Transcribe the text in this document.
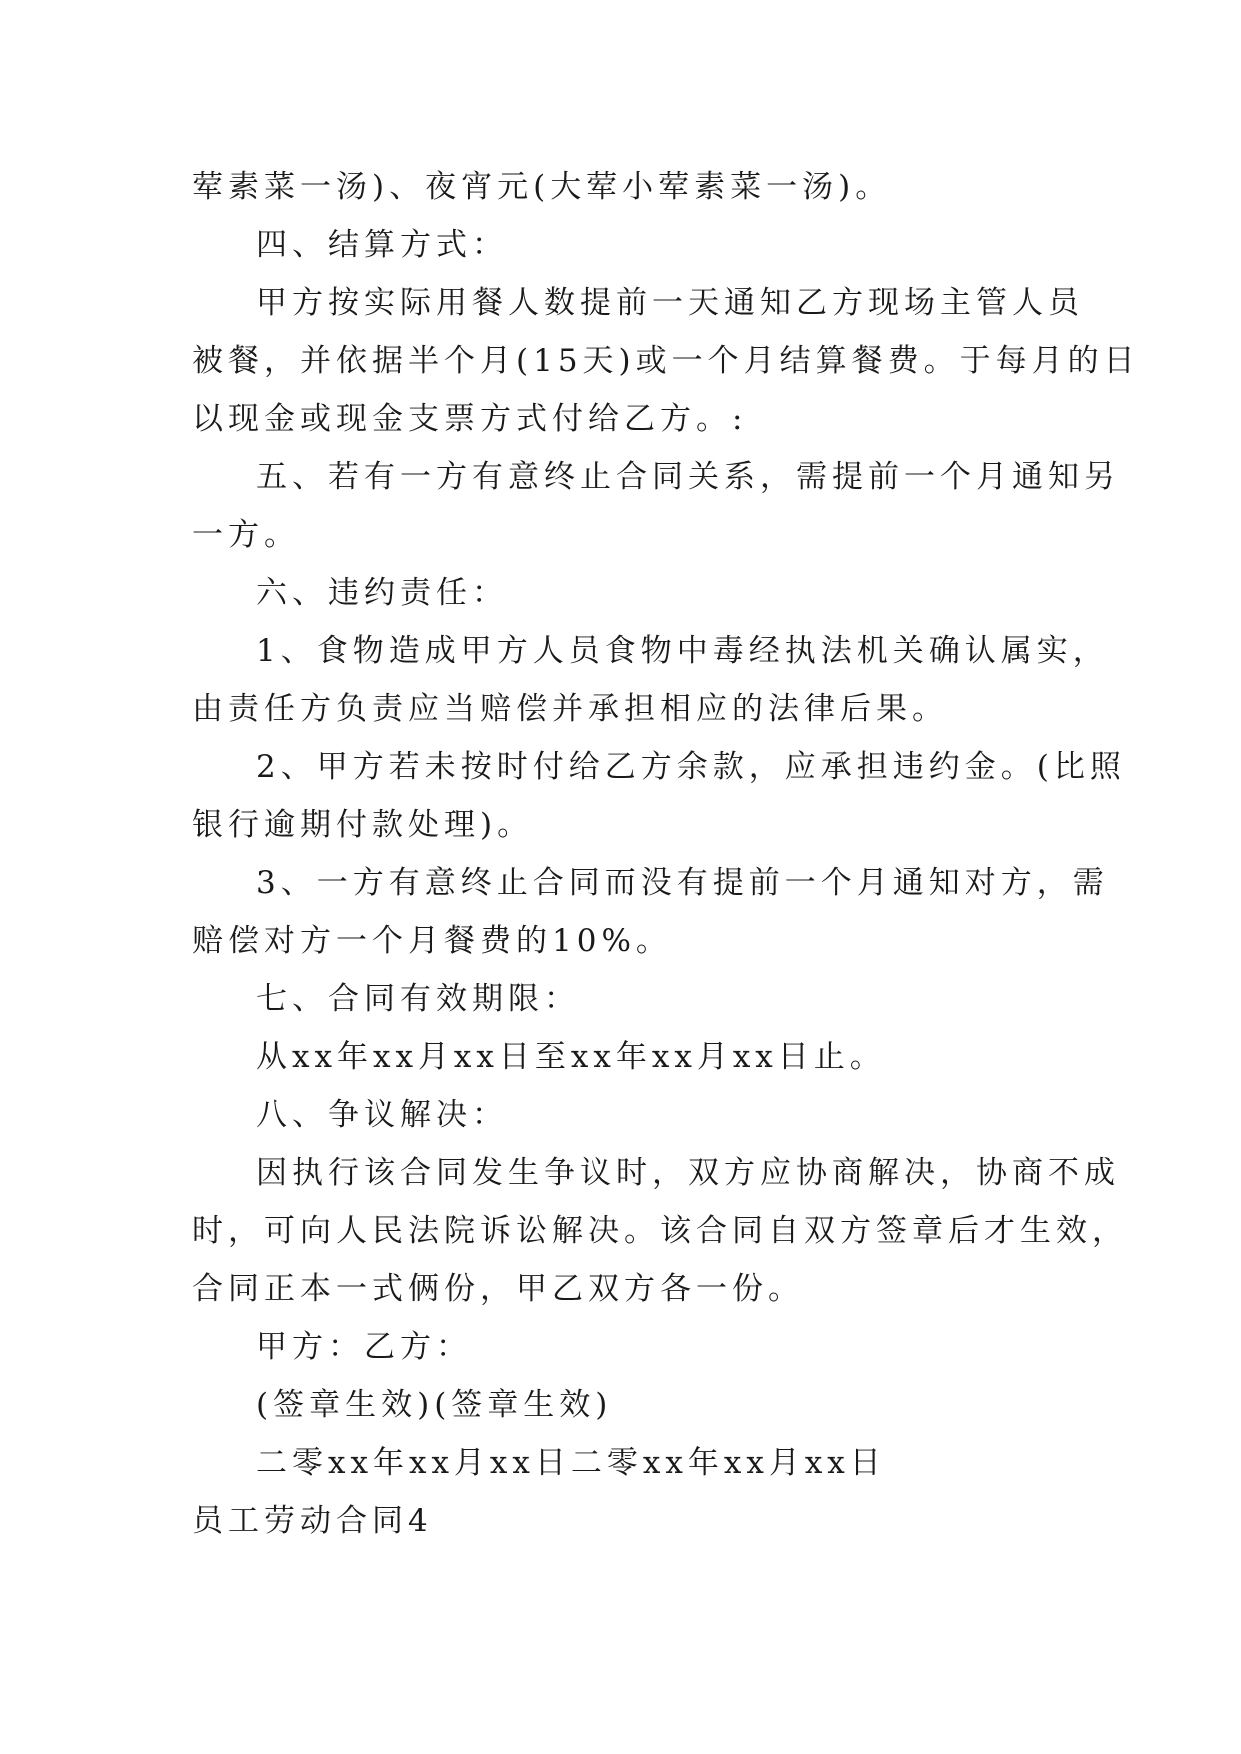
荤素菜一汤)、夜宵元(大荤小荤素菜一汤)。
四、结算方式：
甲方按实际用餐人数提前一天通知乙方现场主管人员
被餐，并依据半个月(15天)或一个月结算餐费。于每月的日
以现金或现金支票方式付给乙方。:
五、若有一方有意终止合同关系，需提前一个月通知另
一方。
六、违约责任：
1、食物造成甲方人员食物中毒经执法机关确认属实，
由责任方负责应当赔偿并承担相应的法律后果。
2、甲方若未按时付给乙方余款，应承担违约金。(比照
银行逾期付款处理)。
3、一方有意终止合同而没有提前一个月通知对方，需
赔偿对方一个月餐费的10%。
七、合同有效期限：
从xx年xx月xx日至xx年xx月xx日止。
八、争议解决：
因执行该合同发生争议时，双方应协商解决，协商不成
时，可向人民法院诉讼解决。该合同自双方签章后才生效，
合同正本一式俩份，甲乙双方各一份。
甲方：乙方：
(签章生效)(签章生效)
二零xx年xx月xx日二零xx年xx月xx日
员工劳动合同4
